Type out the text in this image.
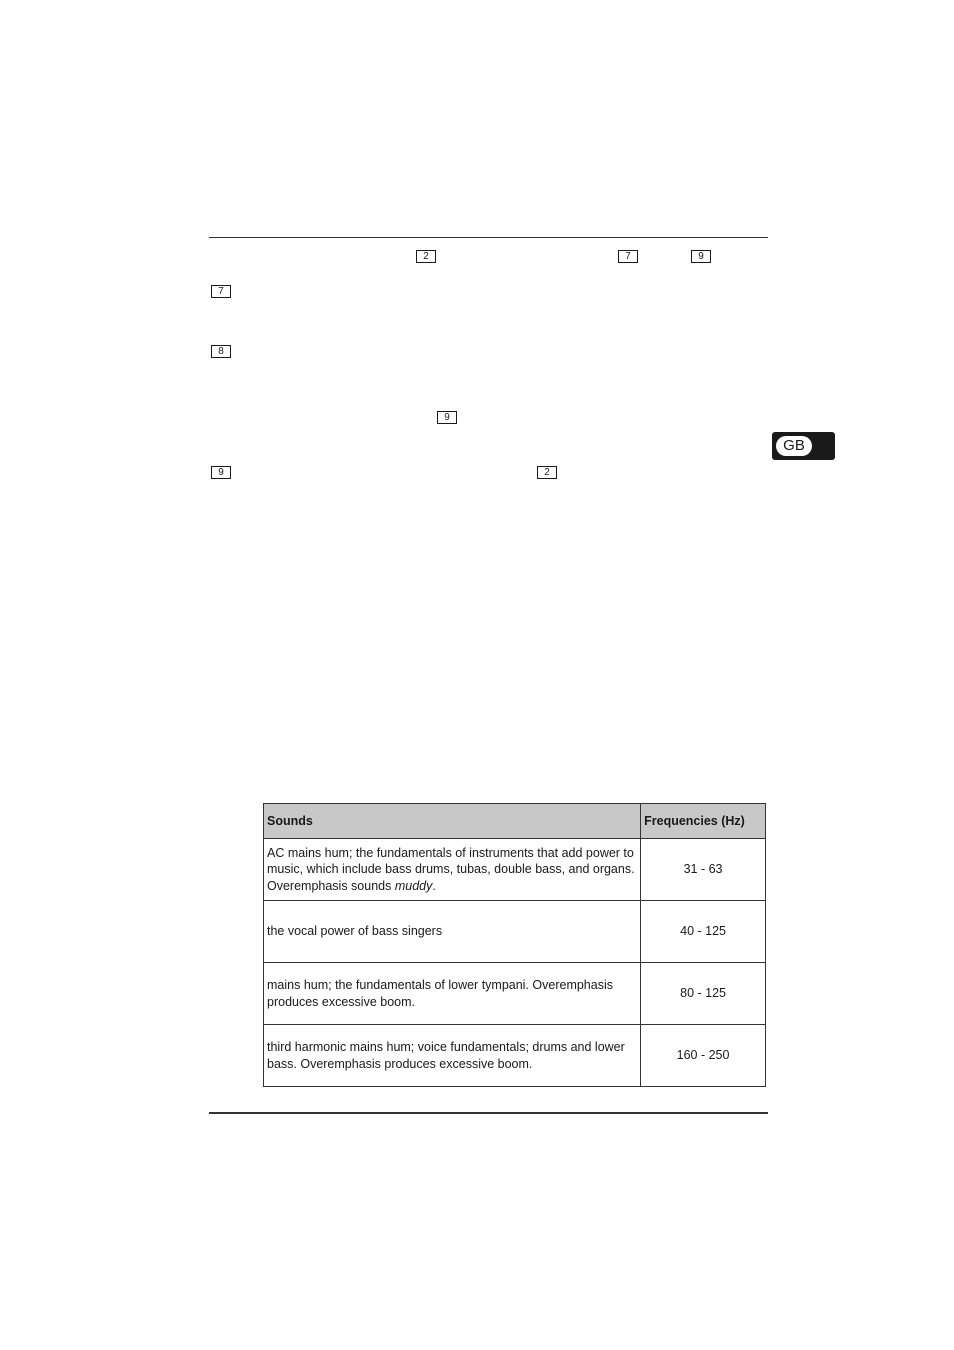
2	7	9
7
8
9
9	2
GB
Sounds	Frequencies (Hz)
AC mains hum; the fundamentals of instruments that add power to music, which include bass drums, tubas, double bass, and organs. Overemphasis sounds muddy.	31 - 63
the vocal power of bass singers	40 - 125
mains hum; the fundamentals of lower tympani. Overemphasis produces excessive boom.	80 - 125
third harmonic mains hum; voice fundamentals; drums and lower bass. Overemphasis produces excessive boom.	160 - 250
